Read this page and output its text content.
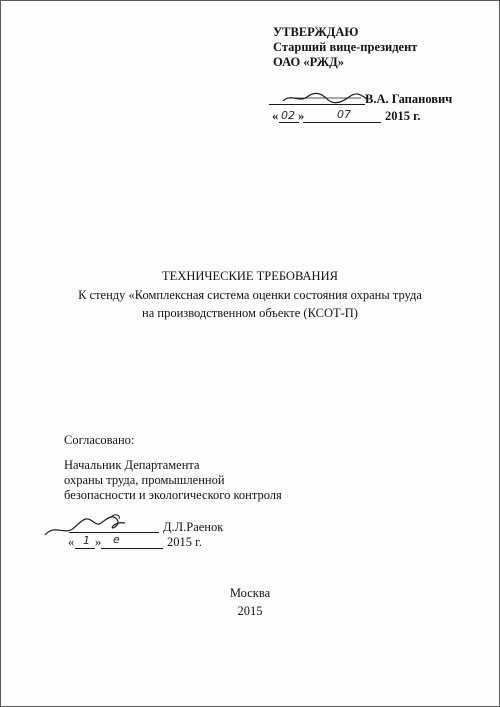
УТВЕРЖДАЮ
Старший вице-президент
ОАО «РЖД»
В.А. Гапанович
« 02 »	07	2015 г.
ТЕХНИЧЕСКИЕ ТРЕБОВАНИЯ
К стенду «Комплексная система оценки состояния охраны труда
на производственном объекте (КСОТ-П)
Согласовано:
Начальник Департамента
охраны труда, промышленной
безопасности и экологического контроля
Д.Л.Раенок
« 1 » e	2015 г.
Москва
2015
